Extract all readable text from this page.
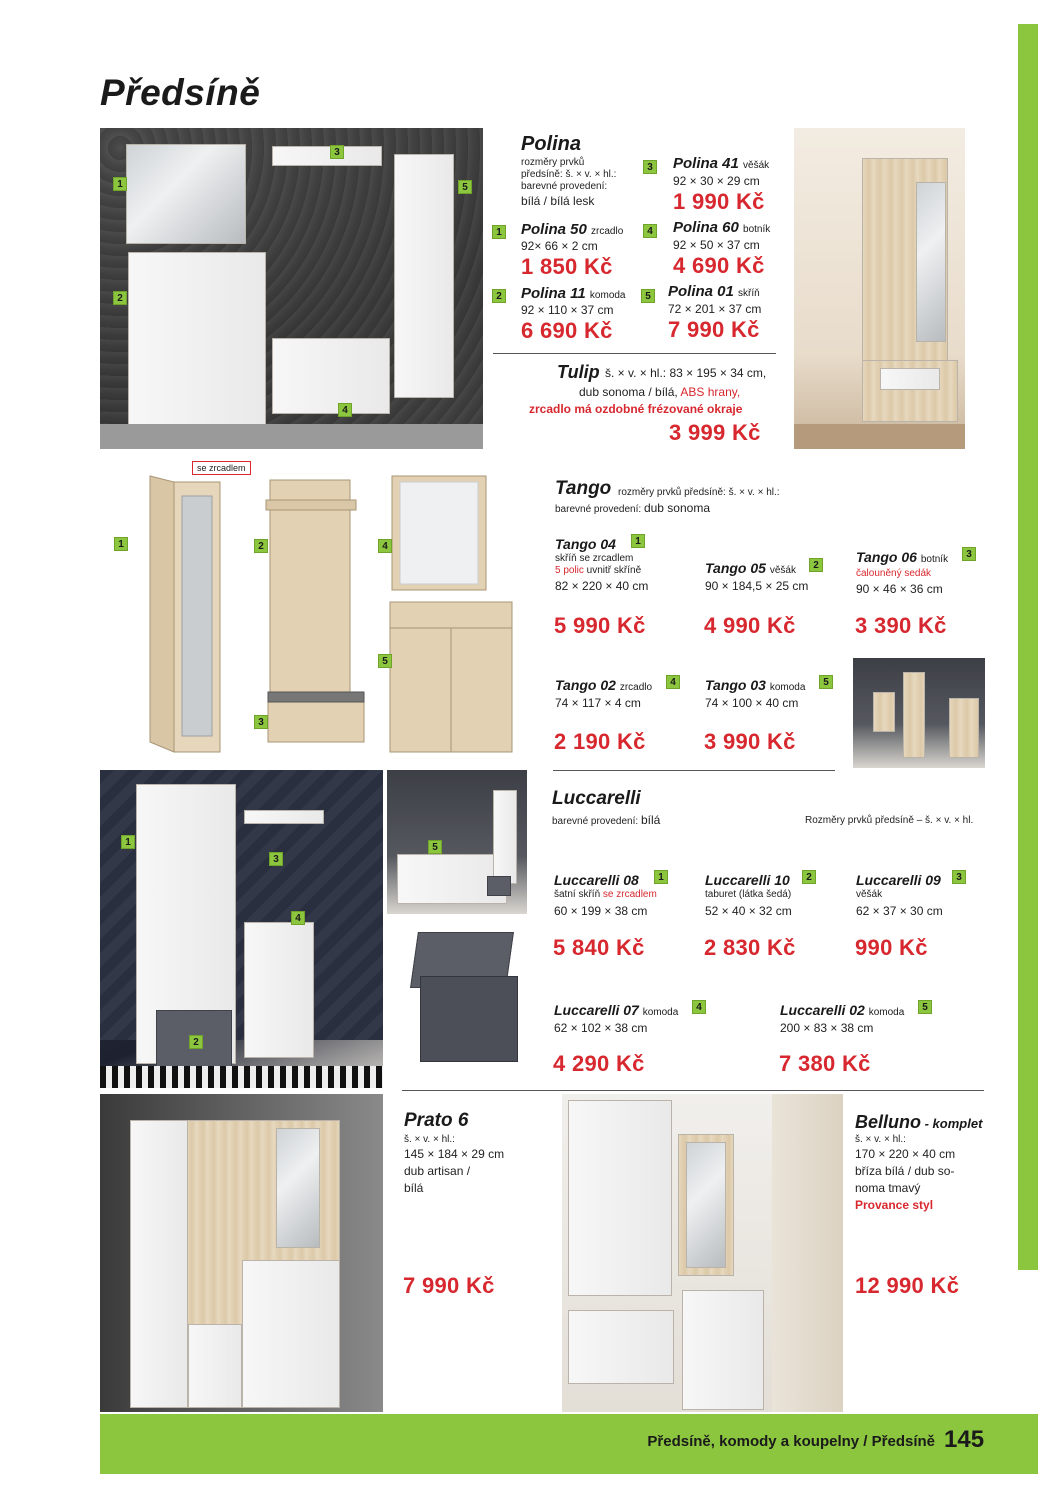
Předsíně, komody a koupelny / Předsíně 145
Předsíně
1
2
3
4
5
Polina
rozměry prvků
předsíně: š. × v. × hl.:
barevné provedení:
bílá / bílá lesk
1 Polina 50 zrcadlo
92× 66 × 2 cm
1 850 Kč
2 Polina 11 komoda
92 × 110 × 37 cm
6 690 Kč
3 Polina 41 věšák
92 × 30 × 29 cm
1 990 Kč
4 Polina 60 botník
92 × 50 × 37 cm
4 690 Kč
5 Polina 01 skříň
72 × 201 × 37 cm
7 990 Kč
Tulip š. × v. × hl.: 83 × 195 × 34 cm,
dub sonoma / bílá, ABS hrany,
zrcadlo má ozdobné frézované okraje
3 999 Kč
1	2
3
4
5
se zrcadlem
Tango rozměry prvků předsíně: š. × v. × hl.:
barevné provedení: dub sonoma
Tango 04	1
skříň se zrcadlem
5 polic uvnitř skříně
82 × 220 × 40 cm
5 990 Kč
Tango 05 věšák	2
90 × 184,5 × 25 cm
4 990 Kč
Tango 06 botník	3
čalouněný sedák
90 × 46 × 36 cm
3 390 Kč
Tango 02 zrcadlo	4
74 × 117 × 4 cm
2 190 Kč
Tango 03 komoda	5
74 × 100 × 40 cm
3 990 Kč
1
2
3
4
5
Luccarelli
barevné provedení: bílá	Rozměry prvků předsíně – š. × v. × hl.
Luccarelli 08	1
šatní skříň se zrcadlem
60 × 199 × 38 cm
5 840 Kč
Luccarelli 10	2
taburet (látka šedá)
52 × 40 × 32 cm
2 830 Kč
Luccarelli 09	3
věšák
62 × 37 × 30 cm
990 Kč
Luccarelli 07 komoda	4
62 × 102 × 38 cm
4 290 Kč
Luccarelli 02 komoda	5
200 × 83 × 38 cm
7 380 Kč
Prato 6
š. × v. × hl.:
145 × 184 × 29 cm
dub artisan /
bílá
7 990 Kč
Belluno - komplet
š. × v. × hl.:
170 × 220 × 40 cm
bříza bílá / dub so-
noma tmavý
Provance styl
12 990 Kč
